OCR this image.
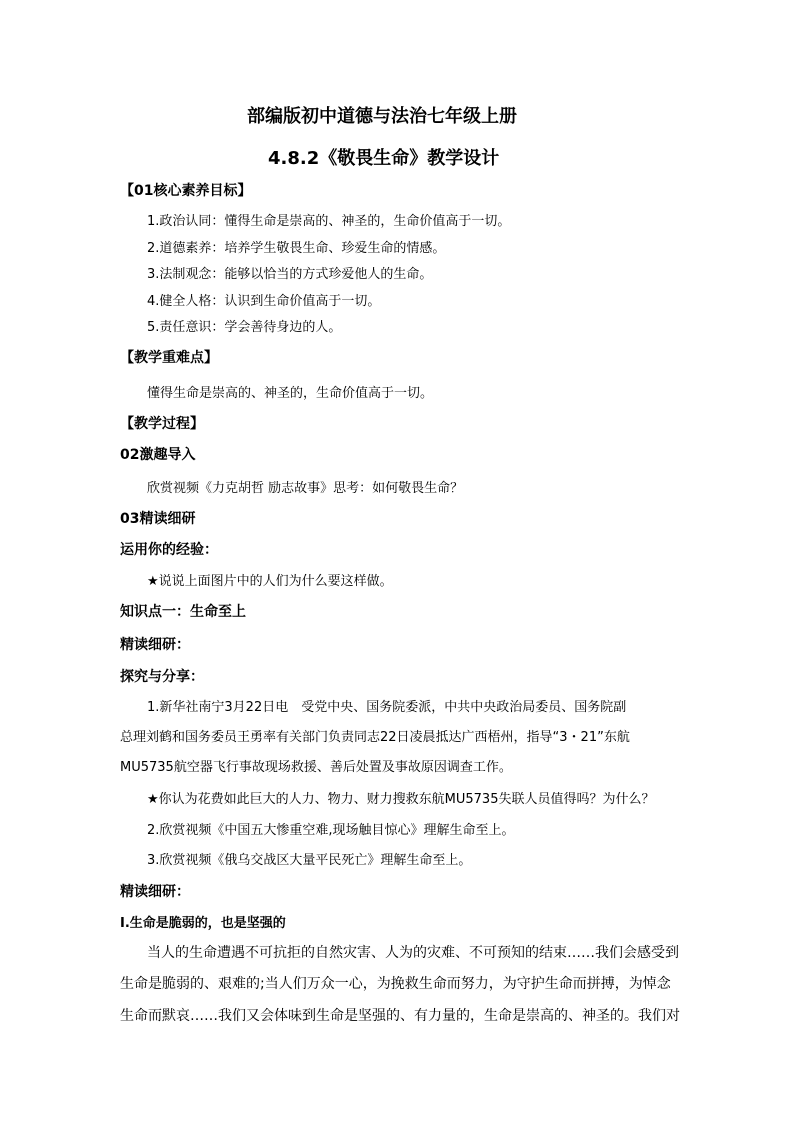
部编版初中道德与法治七年级上册
4.8.2《敬畏生命》教学设计
【01核心素养目标】
1.政治认同：懂得生命是崇高的、神圣的，生命价值高于一切。
2.道德素养：培养学生敬畏生命、珍爱生命的情感。
3.法制观念：能够以恰当的方式珍爱他人的生命。
4.健全人格：认识到生命价值高于一切。
5.责任意识：学会善待身边的人。
【教学重难点】
懂得生命是崇高的、神圣的，生命价值高于一切。
【教学过程】
02激趣导入
欣赏视频《力克胡哲 励志故事》思考：如何敬畏生命？
03精读细研
运用你的经验：
★说说上面图片中的人们为什么要这样做。
知识点一：生命至上
精读细研：
探究与分享：
1.新华社南宁3月22日电　受党中央、国务院委派，中共中央政治局委员、国务院副
总理刘鹤和国务委员王勇率有关部门负责同志22日凌晨抵达广西梧州，指导“3・21”东航
MU5735航空器飞行事故现场救援、善后处置及事故原因调查工作。
★你认为花费如此巨大的人力、物力、财力搜救东航MU5735失联人员值得吗？为什么？
2.欣赏视频《中国五大惨重空难,现场触目惊心》理解生命至上。
3.欣赏视频《俄乌交战区大量平民死亡》理解生命至上。
精读细研：
Ⅰ.生命是脆弱的，也是坚强的
当人的生命遭遇不可抗拒的自然灾害、人为的灾难、不可预知的结束……我们会感受到
生命是脆弱的、艰难的;当人们万众一心，为挽救生命而努力，为守护生命而拼搏，为悼念
生命而默哀……我们又会体味到生命是坚强的、有力量的，生命是崇高的、神圣的。我们对
